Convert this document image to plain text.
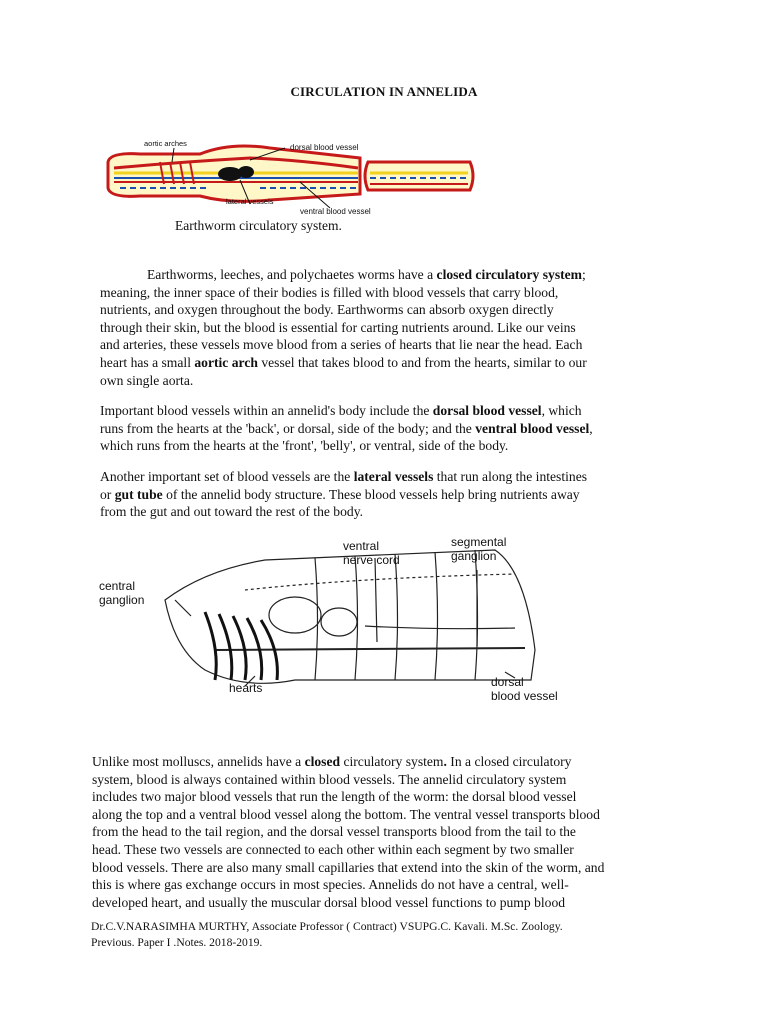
CIRCULATION IN ANNELIDA
aortic arches	dorsal blood vessel
lateral vessels
ventral blood vessel
Earthworm circulatory system.
Earthworms, leeches, and polychaetes worms have a closed circulatory system;
meaning, the inner space of their bodies is filled with blood vessels that carry blood,
nutrients, and oxygen throughout the body. Earthworms can absorb oxygen directly
through their skin, but the blood is essential for carting nutrients around. Like our veins
and arteries, these vessels move blood from a series of hearts that lie near the head. Each
heart has a small aortic arch vessel that takes blood to and from the hearts, similar to our
own single aorta.
Important blood vessels within an annelid's body include the dorsal blood vessel, which
runs from the hearts at the 'back', or dorsal, side of the body; and the ventral blood vessel,
which runs from the hearts at the 'front', 'belly', or ventral, side of the body.
Another important set of blood vessels are the lateral vessels that run along the intestines
or gut tube of the annelid body structure. These blood vessels help bring nutrients away
from the gut and out toward the rest of the body.
ventral
nerve cord
segmental
ganglion
central
ganglion
hearts	dorsal
blood vessel
Unlike most molluscs, annelids have a closed circulatory system. In a closed circulatory
system, blood is always contained within blood vessels. The annelid circulatory system
includes two major blood vessels that run the length of the worm: the dorsal blood vessel
along the top and a ventral blood vessel along the bottom. The ventral vessel transports blood
from the head to the tail region, and the dorsal vessel transports blood from the tail to the
head. These two vessels are connected to each other within each segment by two smaller
blood vessels. There are also many small capillaries that extend into the skin of the worm, and
this is where gas exchange occurs in most species. Annelids do not have a central, well-
developed heart, and usually the muscular dorsal blood vessel functions to pump blood
Dr.C.V.NARASIMHA MURTHY, Associate Professor ( Contract) VSUPG.C. Kavali. M.Sc. Zoology.
Previous. Paper I .Notes. 2018-2019.
